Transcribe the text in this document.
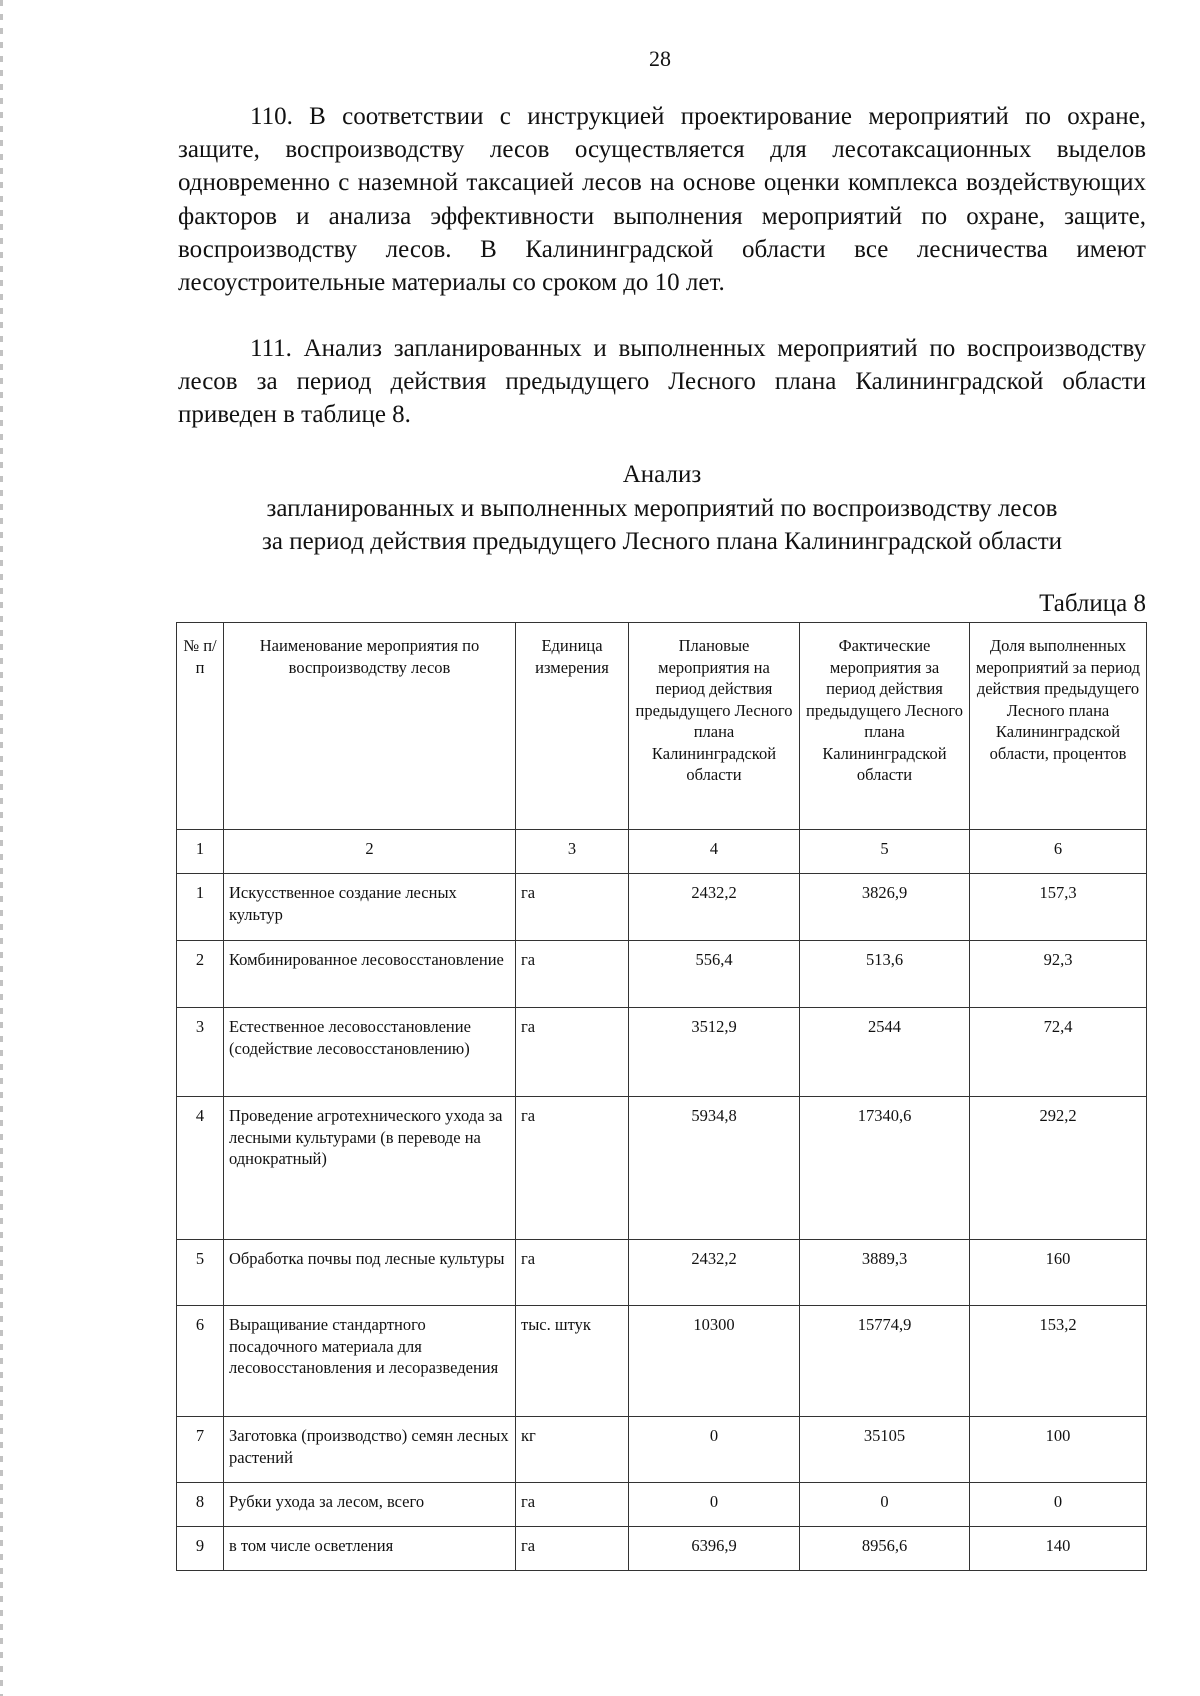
28

110. В соответствии с инструкцией проектирование мероприятий по охране, защите, воспроизводству лесов осуществляется для лесотаксационных выделов одновременно с наземной таксацией лесов на основе оценки комплекса воздействующих факторов и анализа эффективности выполнения мероприятий по охране, защите, воспроизводству лесов. В Калининградской области все лесничества имеют лесоустроительные материалы со сроком до 10 лет.

111. Анализ запланированных и выполненных мероприятий по воспроизводству лесов за период действия предыдущего Лесного плана Калининградской области приведен в таблице 8.

Анализ
запланированных и выполненных мероприятий по воспроизводству лесов
за период действия предыдущего Лесного плана Калининградской области
Таблица 8
№ п/п	Наименование мероприятия по воспроизводству лесов	Единица измерения	Плановые мероприятия на период действия предыдущего Лесного плана Калининградской области	Фактические мероприятия за период действия предыдущего Лесного плана Калининградской области	Доля выполненных мероприятий за период действия предыдущего Лесного плана Калининградской области, процентов
1	2	3	4	5	6
1	Искусственное создание лесных культур	га	2432,2	3826,9	157,3
2	Комбинированное лесовосстановление	га	556,4	513,6	92,3
3	Естественное лесовосстановление (содействие лесовосстановлению)	га	3512,9	2544	72,4
4	Проведение агротехнического ухода за лесными культурами (в переводе на однократный)	га	5934,8	17340,6	292,2
5	Обработка почвы под лесные культуры	га	2432,2	3889,3	160
6	Выращивание стандартного посадочного материала для лесовосстановления и лесоразведения	тыс. штук	10300	15774,9	153,2
7	Заготовка (производство) семян лесных растений	кг	0	35105	100
8	Рубки ухода за лесом, всего	га	0	0	0
9	в том числе осветления	га	6396,9	8956,6	140
